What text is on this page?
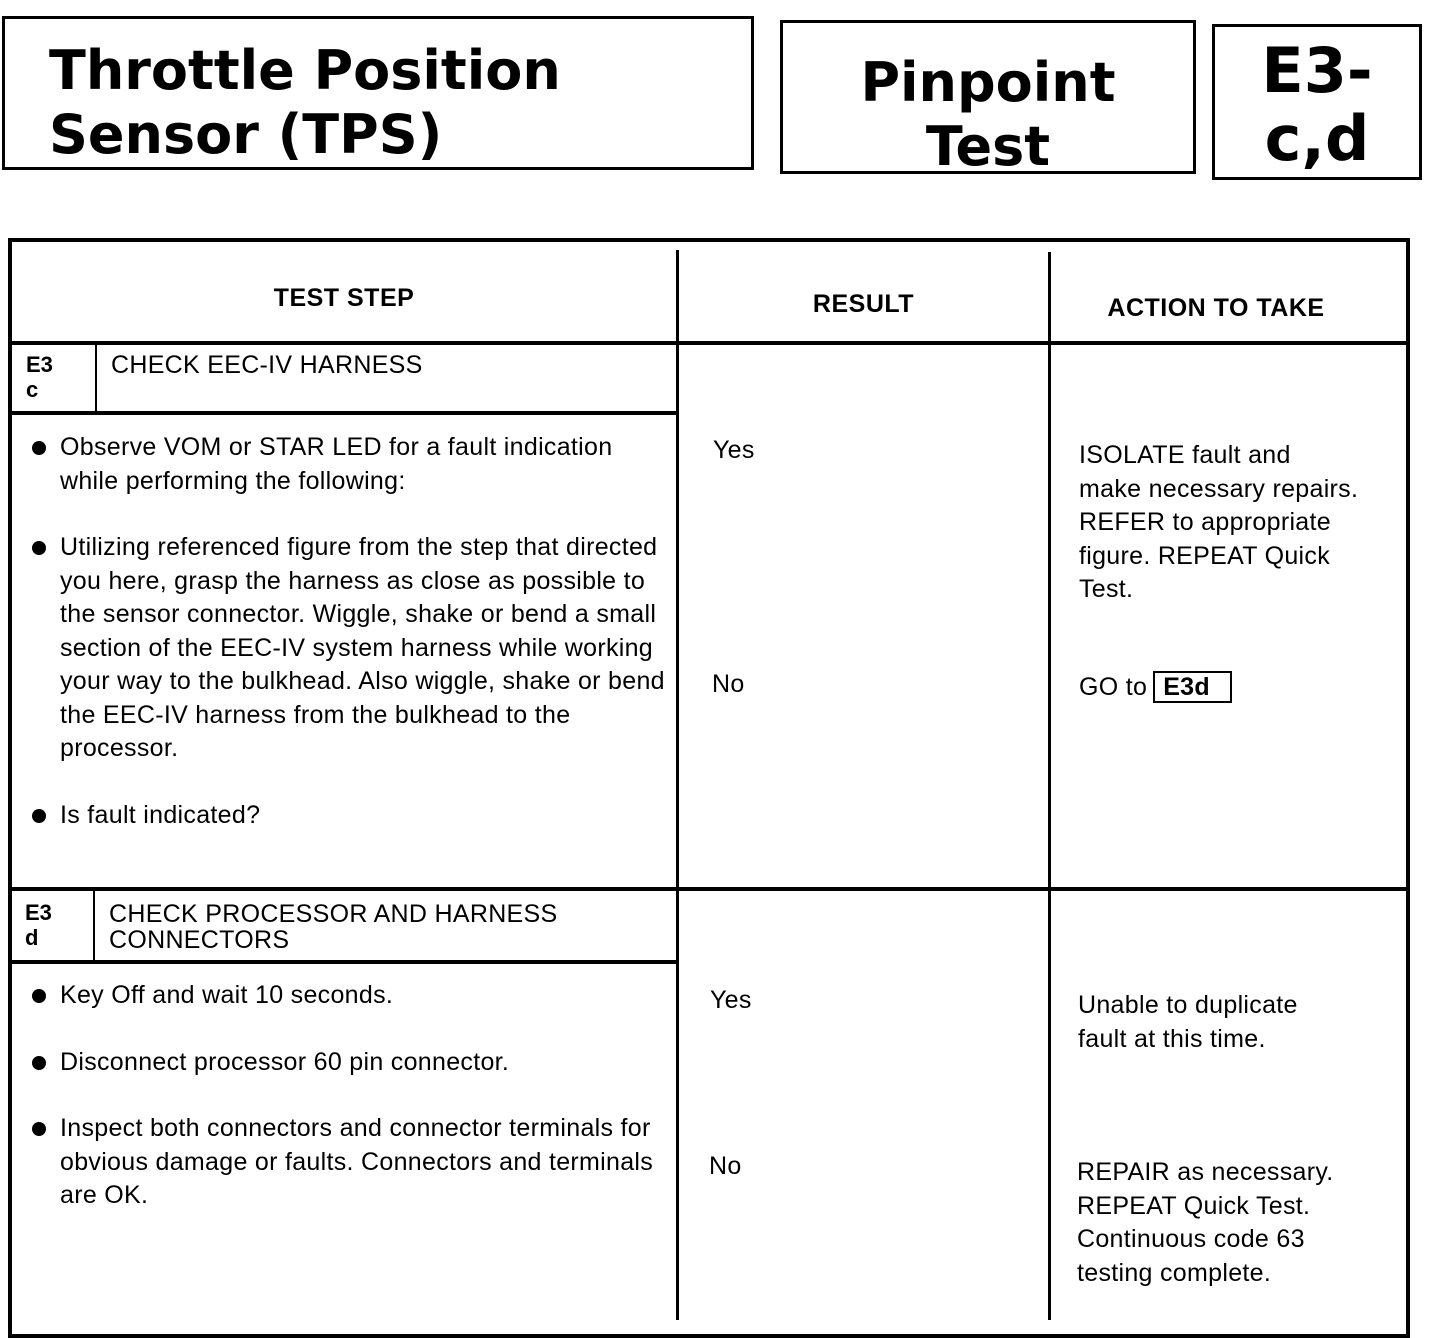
Throttle Position
Sensor (TPS)
Pinpoint
Test
E3-
c,d
TEST STEP	RESULT	ACTION TO TAKE
E3
c
CHECK EEC-IV HARNESS
Observe VOM or STAR LED for a fault indication while performing the following:
Utilizing referenced figure from the step that directed you here, grasp the harness as close as possible to the sensor connector. Wiggle, shake or bend a small section of the EEC-IV system harness while working your way to the bulkhead. Also wiggle, shake or bend the EEC-IV harness from the bulkhead to the processor.
Is fault indicated?
Yes	ISOLATE fault and make necessary repairs. REFER to appropriate figure. REPEAT Quick Test.
No	GO to E3d
E3
d
CHECK PROCESSOR AND HARNESS
CONNECTORS
Key Off and wait 10 seconds.
Disconnect processor 60 pin connector.
Inspect both connectors and connector terminals for obvious damage or faults. Connectors and terminals are OK.
Yes	Unable to duplicate fault at this time.
No	REPAIR as necessary. REPEAT Quick Test. Continuous code 63 testing complete.
